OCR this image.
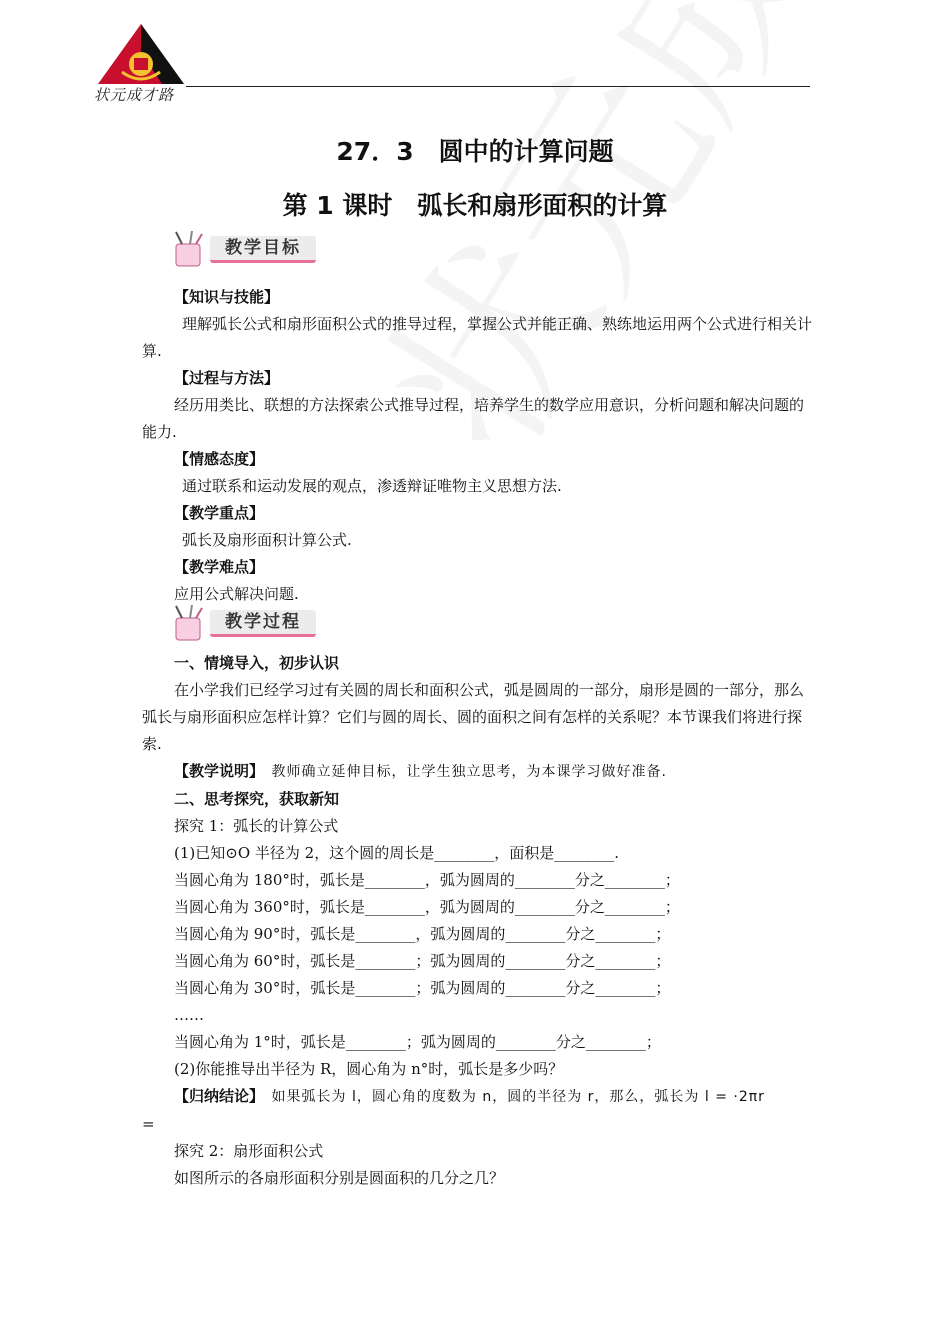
状元成才路
27．3　圆中的计算问题
第 1 课时　弧长和扇形面积的计算
教学目标
教学过程

【知识与技能】

理解弧长公式和扇形面积公式的推导过程，掌握公式并能正确、熟练地运用两个公式进行相关计算.

【过程与方法】

经历用类比、联想的方法探索公式推导过程，培养学生的数学应用意识，分析问题和解决问题的能力.

【情感态度】

通过联系和运动发展的观点，渗透辩证唯物主义思想方法.

【教学重点】

弧长及扇形面积计算公式.

【教学难点】

应用公式解决问题.

一、情境导入，初步认识

在小学我们已经学习过有关圆的周长和面积公式，弧是圆周的一部分，扇形是圆的一部分，那么弧长与扇形面积应怎样计算？它们与圆的周长、圆的面积之间有怎样的关系呢？本节课我们将进行探索.

【教学说明】　 教师确立延伸目标，让学生独立思考，为本课学习做好准备.

二、思考探究，获取新知

探究 1：弧长的计算公式

(1)已知⊙O 半径为 2，这个圆的周长是________，面积是________.

当圆心角为 180°时，弧长是________，弧为圆周的________分之________；

当圆心角为 360°时，弧长是________，弧为圆周的________分之________；

当圆心角为 90°时，弧长是________，弧为圆周的________分之________；

当圆心角为 60°时，弧长是________；弧为圆周的________分之________；

当圆心角为 30°时，弧长是________；弧为圆周的________分之________；

……

当圆心角为 1°时，弧长是________；弧为圆周的________分之________；

(2)你能推导出半径为 R，圆心角为 n°时，弧长是多少吗？

【归纳结论】　 如果弧长为 l，圆心角的度数为 n，圆的半径为 r，那么，弧长为 l = ·2πr

=

探究 2：扇形面积公式

如图所示的各扇形面积分别是圆面积的几分之几？
